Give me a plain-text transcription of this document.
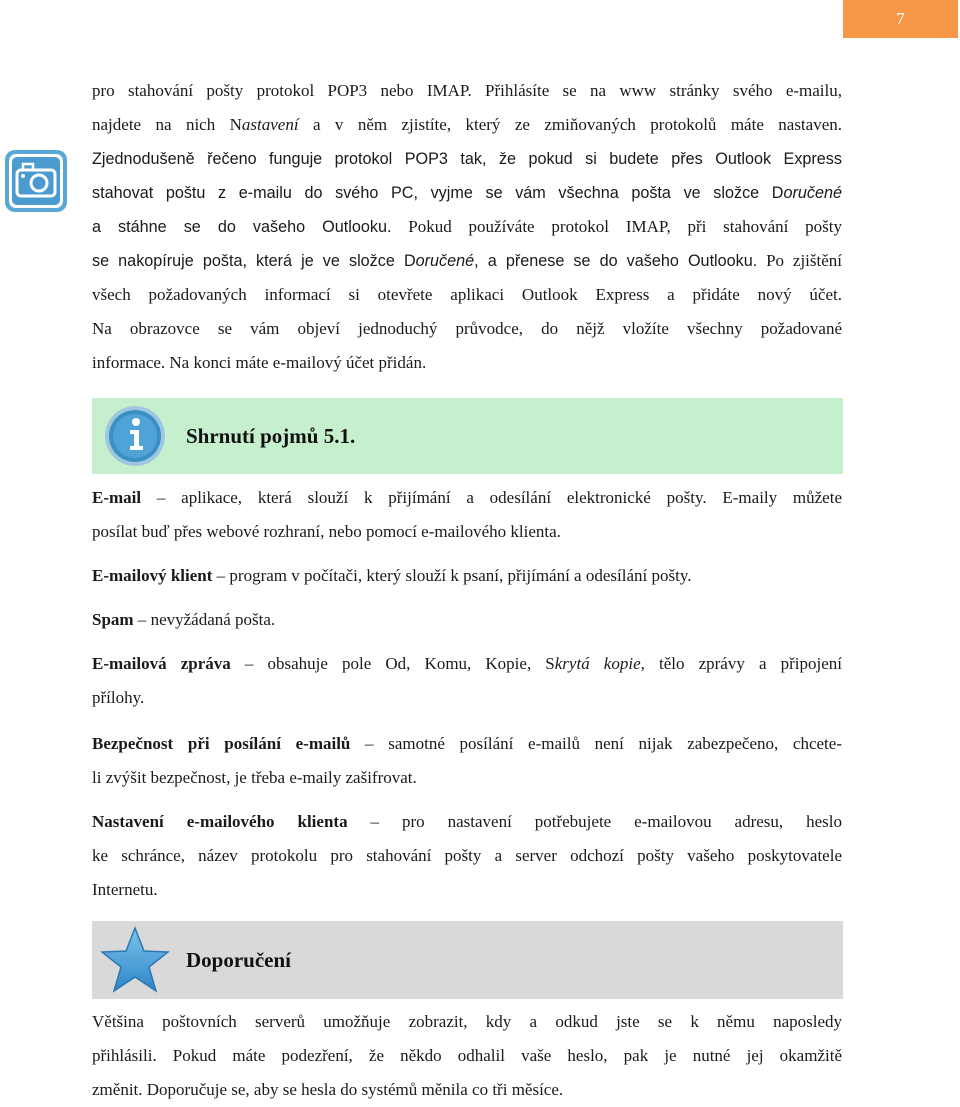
7
pro stahování pošty protokol POP3 nebo IMAP. Přihlásíte se na www stránky svého e-mailu,
najdete na nich Nastavení a v něm zjistíte, který ze zmiňovaných protokolů máte nastaven.
Zjednodušeně řečeno funguje protokol POP3 tak, že pokud si budete přes Outlook Express
stahovat poštu z e-mailu do svého PC, vyjme se vám všechna pošta ve složce Doručené
a stáhne se do vašeho Outlooku. Pokud používáte protokol IMAP, při stahování pošty
se nakopíruje pošta, která je ve složce Doručené, a přenese se do vašeho Outlooku. Po zjištění
všech požadovaných informací si otevřete aplikaci Outlook Express a přidáte nový účet.
Na obrazovce se vám objeví jednoduchý průvodce, do nějž vložíte všechny požadované
informace. Na konci máte e-mailový účet přidán.
Shrnutí pojmů 5.1.
E-mail – aplikace, která slouží k přijímání a odesílání elektronické pošty. E-maily můžete
posílat buď přes webové rozhraní, nebo pomocí e-mailového klienta.
E-mailový klient – program v počítači, který slouží k psaní, přijímání a odesílání pošty.
Spam – nevyžádaná pošta.
E-mailová zpráva – obsahuje pole Od, Komu, Kopie, Skrytá kopie, tělo zprávy a připojení
přílohy.
Bezpečnost při posílání e-mailů – samotné posílání e-mailů není nijak zabezpečeno, chcete-
li zvýšit bezpečnost, je třeba e-maily zašifrovat.
Nastavení e-mailového klienta – pro nastavení potřebujete e-mailovou adresu, heslo
ke schránce, název protokolu pro stahování pošty a server odchozí pošty vašeho poskytovatele
Internetu.
Doporučení
Většina poštovních serverů umožňuje zobrazit, kdy a odkud jste se k němu naposledy
přihlásili. Pokud máte podezření, že někdo odhalil vaše heslo, pak je nutné jej okamžitě
změnit. Doporučuje se, aby se hesla do systémů měnila co tři měsíce.
